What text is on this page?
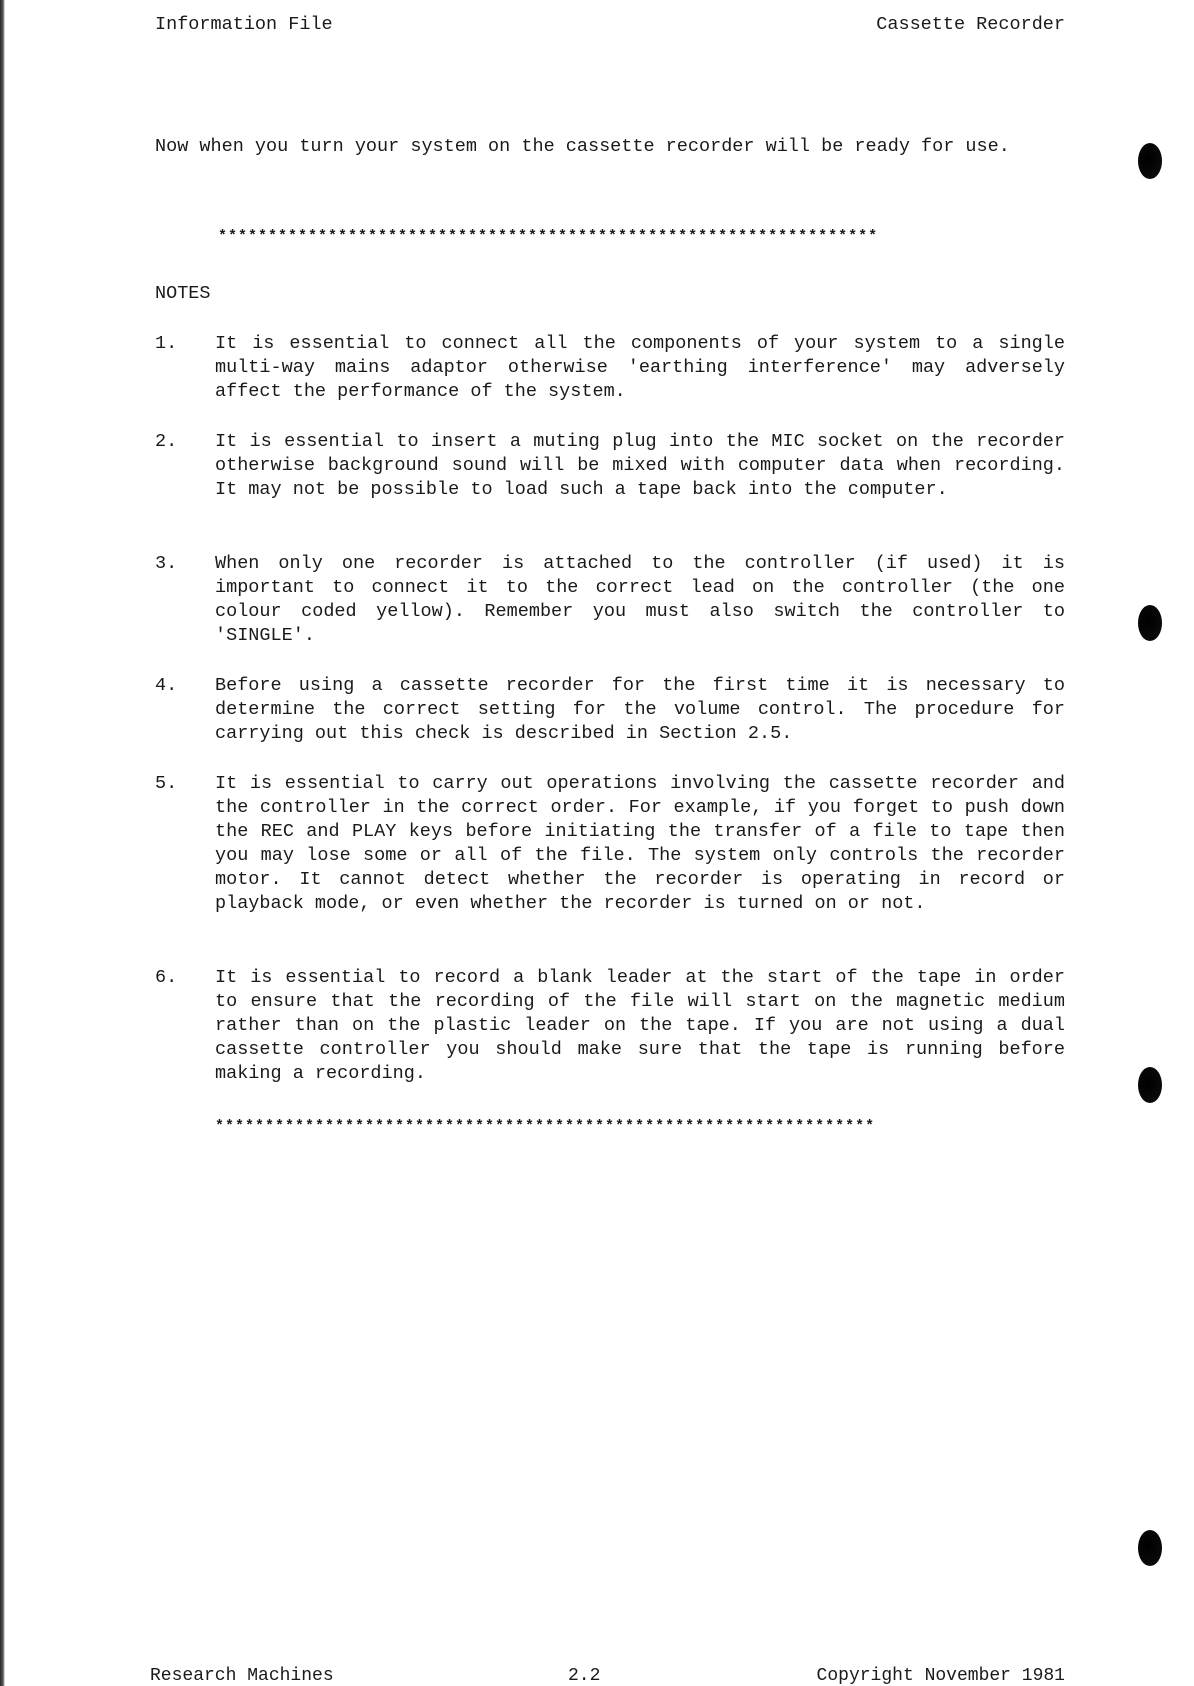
Information File	Cassette Recorder
Now when you turn your system on the cassette recorder will be ready for use.
******************************************************************
NOTES
1.	It is essential to connect all the components of your system to a single multi-way mains adaptor otherwise 'earthing interference' may adversely affect the performance of the system.
2.	It is essential to insert a muting plug into the MIC socket on the recorder otherwise background sound will be mixed with computer data when recording. It may not be possible to load such a tape back into the computer.
3.	When only one recorder is attached to the controller (if used) it is important to connect it to the correct lead on the controller (the one colour coded yellow). Remember you must also switch the controller to 'SINGLE'.
4.	Before using a cassette recorder for the first time it is necessary to determine the correct setting for the volume control. The procedure for carrying out this check is described in Section 2.5.
5.	It is essential to carry out operations involving the cassette recorder and the controller in the correct order. For example, if you forget to push down the REC and PLAY keys before initiating the transfer of a file to tape then you may lose some or all of the file. The system only controls the recorder motor. It cannot detect whether the recorder is operating in record or playback mode, or even whether the recorder is turned on or not.
6.	It is essential to record a blank leader at the start of the tape in order to ensure that the recording of the file will start on the magnetic medium rather than on the plastic leader on the tape. If you are not using a dual cassette controller you should make sure that the tape is running before making a recording.
******************************************************************
Research Machines	2.2	Copyright November 1981
